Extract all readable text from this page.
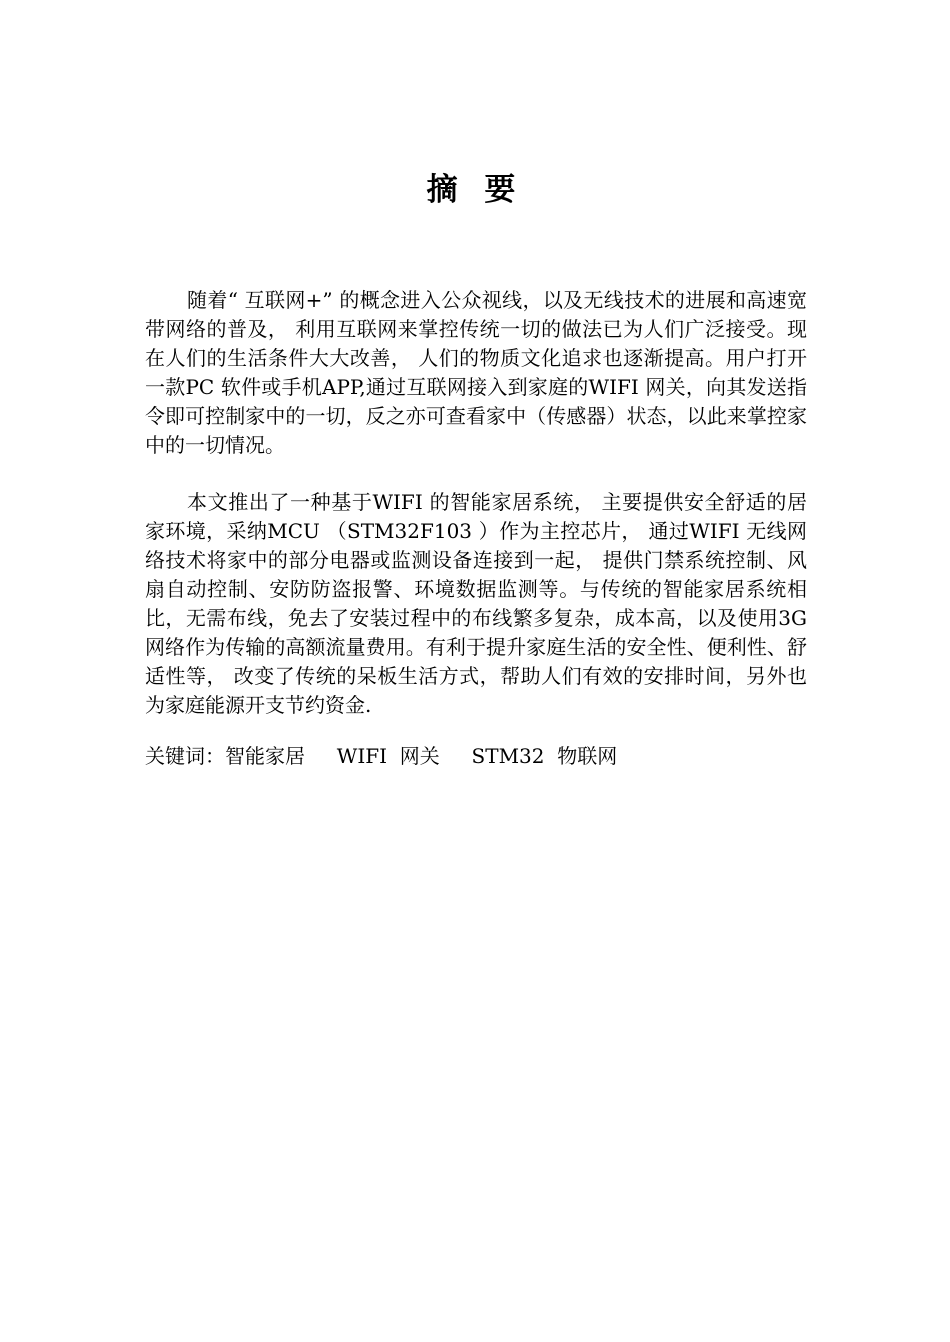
摘 要

随着“ 互联网+” 的概念进入公众视线，以及无线技术的进展和高速宽带网络的普及， 利用互联网来掌控传统一切的做法已为人们广泛接受。现在人们的生活条件大大改善， 人们的物质文化追求也逐渐提高。用户打开一款PC 软件或手机APP,通过互联网接入到家庭的WIFI 网关，向其发送指令即可控制家中的一切，反之亦可查看家中（传感器）状态，以此来掌控家中的一切情况。

本文推出了一种基于WIFI 的智能家居系统， 主要提供安全舒适的居家环境，采纳MCU （STM32F103 ）作为主控芯片， 通过WIFI 无线网络技术将家中的部分电器或监测设备连接到一起， 提供门禁系统控制、风扇自动控制、安防防盗报警、环境数据监测等。与传统的智能家居系统相比，无需布线，免去了安装过程中的布线繁多复杂，成本高，以及使用3G 网络作为传输的高额流量费用。有利于提升家庭生活的安全性、便利性、舒适性等， 改变了传统的呆板生活方式，帮助人们有效的安排时间，另外也为家庭能源开支节约资金.

关键词：智能家居     WIFI  网关     STM32  物联网
